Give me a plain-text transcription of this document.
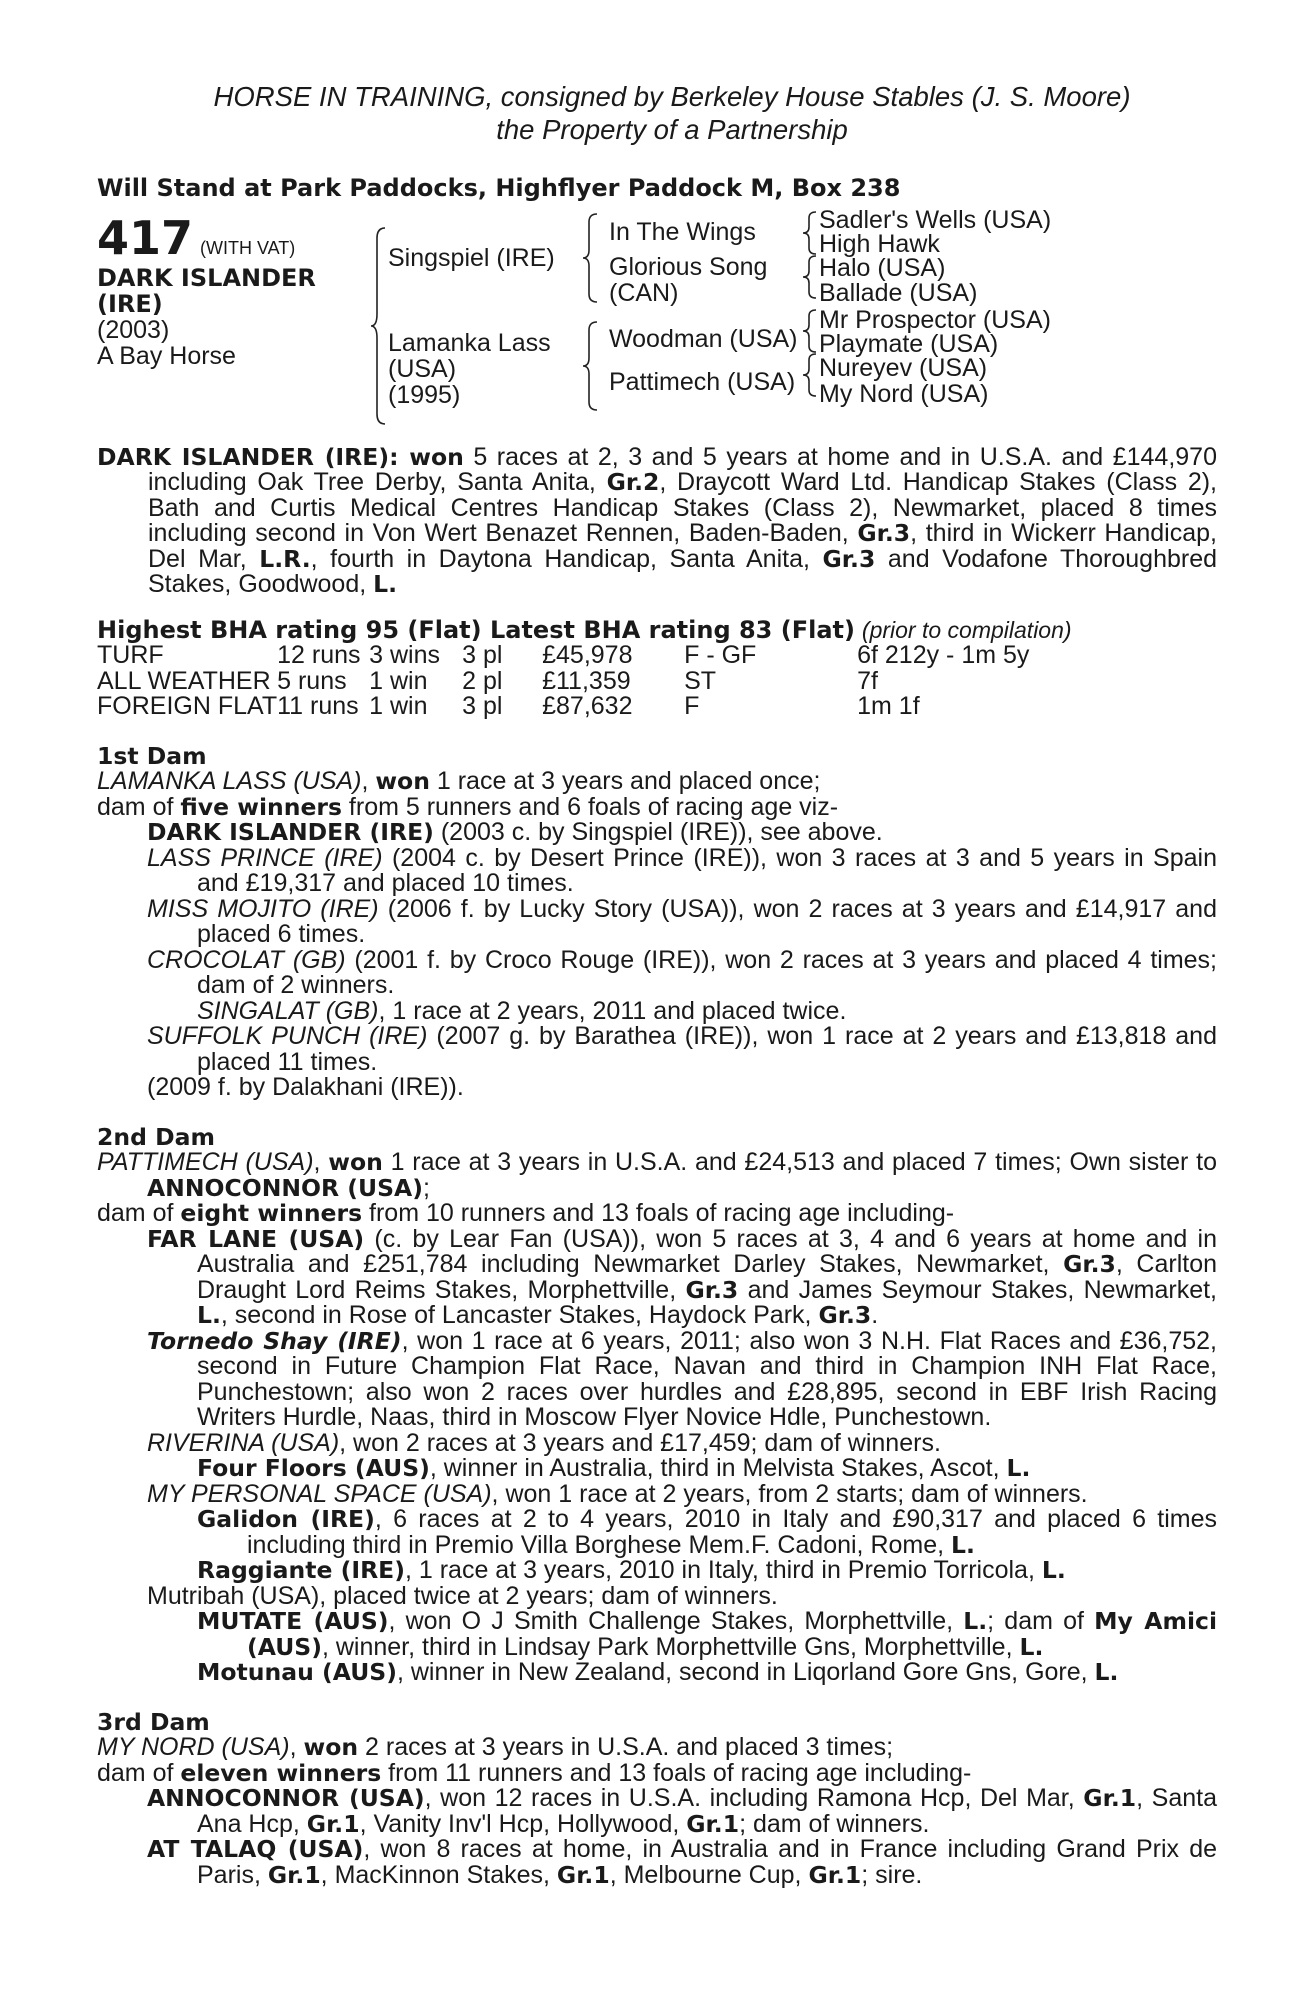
HORSE IN TRAINING, consigned by Berkeley House Stables (J. S. Moore)
the Property of a Partnership
Will Stand at Park Paddocks, Highflyer Paddock M, Box 238
417 (WITH VAT)
DARK ISLANDER
(IRE)
(2003)
A Bay Horse
Singspiel (IRE)
Lamanka Lass
(USA)
(1995)
In The Wings
Glorious Song
(CAN)
Woodman (USA)
Pattimech (USA)
Sadler's Wells (USA)
High Hawk
Halo (USA)
Ballade (USA)
Mr Prospector (USA)
Playmate (USA)
Nureyev (USA)
My Nord (USA)
DARK ISLANDER (IRE): won 5 races at 2, 3 and 5 years at home and in U.S.A. and £144,970 including Oak Tree Derby, Santa Anita, Gr.2, Draycott Ward Ltd. Handicap Stakes (Class 2), Bath and Curtis Medical Centres Handicap Stakes (Class 2), Newmarket, placed 8 times including second in Von Wert Benazet Rennen, Baden-Baden, Gr.3, third in Wickerr Handicap, Del Mar, L.R., fourth in Daytona Handicap, Santa Anita, Gr.3 and Vodafone Thoroughbred Stakes, Goodwood, L.
Highest BHA rating 95 (Flat) Latest BHA rating 83 (Flat) (prior to compilation)
TURF	12 runs	3 wins	3 pl	£45,978	F - GF	6f 212y - 1m 5y
ALL WEATHER	5 runs	1 win	2 pl	£11,359	ST	7f
FOREIGN FLAT	11 runs	1 win	3 pl	£87,632	F	1m 1f
1st Dam
LAMANKA LASS (USA), won 1 race at 3 years and placed once;
dam of five winners from 5 runners and 6 foals of racing age viz-
DARK ISLANDER (IRE) (2003 c. by Singspiel (IRE)), see above.
LASS PRINCE (IRE) (2004 c. by Desert Prince (IRE)), won 3 races at 3 and 5 years in Spain and £19,317 and placed 10 times.
MISS MOJITO (IRE) (2006 f. by Lucky Story (USA)), won 2 races at 3 years and £14,917 and placed 6 times.
CROCOLAT (GB) (2001 f. by Croco Rouge (IRE)), won 2 races at 3 years and placed 4 times; dam of 2 winners.
SINGALAT (GB), 1 race at 2 years, 2011 and placed twice.
SUFFOLK PUNCH (IRE) (2007 g. by Barathea (IRE)), won 1 race at 2 years and £13,818 and placed 11 times.
(2009 f. by Dalakhani (IRE)).
2nd Dam
PATTIMECH (USA), won 1 race at 3 years in U.S.A. and £24,513 and placed 7 times; Own sister to ANNOCONNOR (USA);
dam of eight winners from 10 runners and 13 foals of racing age including-
FAR LANE (USA) (c. by Lear Fan (USA)), won 5 races at 3, 4 and 6 years at home and in Australia and £251,784 including Newmarket Darley Stakes, Newmarket, Gr.3, Carlton Draught Lord Reims Stakes, Morphettville, Gr.3 and James Seymour Stakes, Newmarket, L., second in Rose of Lancaster Stakes, Haydock Park, Gr.3.
Tornedo Shay (IRE), won 1 race at 6 years, 2011; also won 3 N.H. Flat Races and £36,752, second in Future Champion Flat Race, Navan and third in Champion INH Flat Race, Punchestown; also won 2 races over hurdles and £28,895, second in EBF Irish Racing Writers Hurdle, Naas, third in Moscow Flyer Novice Hdle, Punchestown.
RIVERINA (USA), won 2 races at 3 years and £17,459; dam of winners.
Four Floors (AUS), winner in Australia, third in Melvista Stakes, Ascot, L.
MY PERSONAL SPACE (USA), won 1 race at 2 years, from 2 starts; dam of winners.
Galidon (IRE), 6 races at 2 to 4 years, 2010 in Italy and £90,317 and placed 6 times including third in Premio Villa Borghese Mem.F. Cadoni, Rome, L.
Raggiante (IRE), 1 race at 3 years, 2010 in Italy, third in Premio Torricola, L.
Mutribah (USA), placed twice at 2 years; dam of winners.
MUTATE (AUS), won O J Smith Challenge Stakes, Morphettville, L.; dam of My Amici (AUS), winner, third in Lindsay Park Morphettville Gns, Morphettville, L.
Motunau (AUS), winner in New Zealand, second in Liqorland Gore Gns, Gore, L.
3rd Dam
MY NORD (USA), won 2 races at 3 years in U.S.A. and placed 3 times;
dam of eleven winners from 11 runners and 13 foals of racing age including-
ANNOCONNOR (USA), won 12 races in U.S.A. including Ramona Hcp, Del Mar, Gr.1, Santa Ana Hcp, Gr.1, Vanity Inv'l Hcp, Hollywood, Gr.1; dam of winners.
AT TALAQ (USA), won 8 races at home, in Australia and in France including Grand Prix de Paris, Gr.1, MacKinnon Stakes, Gr.1, Melbourne Cup, Gr.1; sire.
